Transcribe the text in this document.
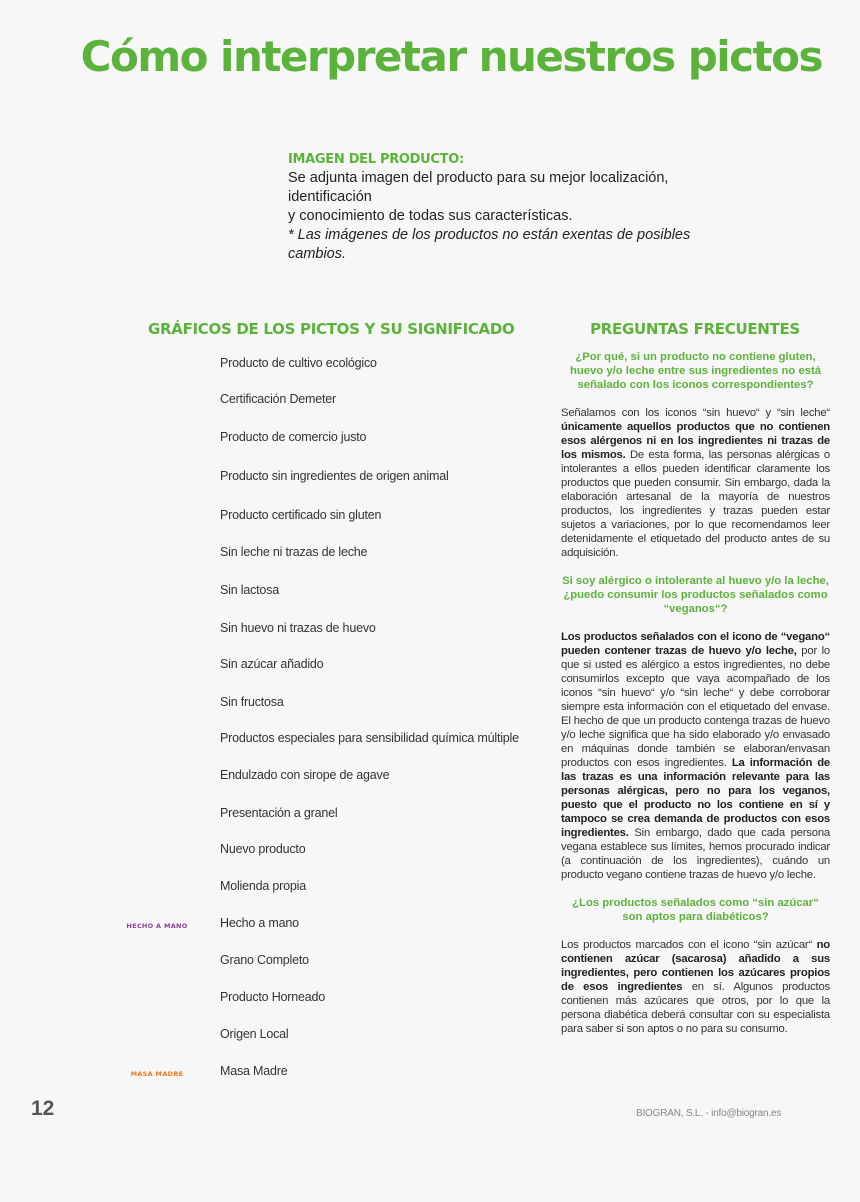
Cómo interpretar nuestros pictos
IMAGEN DEL PRODUCTO:
Se adjunta imagen del producto para su mejor localización, identificación
y conocimiento de todas sus características.
* Las imágenes de los productos no están exentas de posibles cambios.
GRÁFICOS DE LOS PICTOS Y SU SIGNIFICADO	PREGUNTAS FRECUENTES
Producto de cultivo ecológico
Certificación Demeter
Producto de comercio justo
Producto sin ingredientes de origen animal
Producto certificado sin gluten
Sin leche ni trazas de leche
Sin lactosa
Sin huevo ni trazas de huevo
Sin azúcar añadido
Sin fructosa
Productos especiales para sensibilidad química múltiple
Endulzado con sirope de agave
Presentación a granel
Nuevo producto
Molienda propia
HECHO A MANO	Hecho a mano
Grano Completo
Producto Horneado
Origen Local
MASA MADRE	Masa Madre

¿Por qué, si un producto no contiene gluten, huevo y/o leche entre sus ingredientes no está señalado con los iconos correspondientes?

Señalamos con los iconos “sin huevo“ y “sin leche“ únicamente aquellos productos que no contienen esos alérgenos ni en los ingredientes ni trazas de los mismos. De esta forma, las personas alérgicas o intolerantes a ellos pueden identificar claramente los productos que pueden consumir. Sin embargo, dada la elaboración artesanal de la mayoría de nuestros productos, los ingredientes y trazas pueden estar sujetos a variaciones, por lo que recomendamos leer detenidamente el etiquetado del producto antes de su adquisición.

Si soy alérgico o intolerante al huevo y/o la leche, ¿puedo consumir los productos señalados como “veganos“?

Los productos señalados con el icono de “vegano“ pueden contener trazas de huevo y/o leche, por lo que si usted es alérgico a estos ingredientes, no debe consumirlos excepto que vaya acompañado de los iconos “sin huevo“ y/o “sin leche“ y debe corroborar siempre esta información con el etiquetado del envase. El hecho de que un producto contenga trazas de huevo y/o leche significa que ha sido elaborado y/o envasado en máquinas donde también se elaboran/envasan productos con esos ingredientes. La información de las trazas es una información relevante para las personas alérgicas, pero no para los veganos, puesto que el producto no los contiene en sí y tampoco se crea demanda de productos con esos ingredientes. Sin embargo, dado que cada persona vegana establece sus límites, hemos procurado indicar (a continuación de los ingredientes), cuándo un producto vegano contiene trazas de huevo y/o leche.

¿Los productos señalados como “sin azúcar“ son aptos para diabéticos?

Los productos marcados con el icono “sin azúcar“ no contienen azúcar (sacarosa) añadido a sus ingredientes, pero contienen los azúcares propios de esos ingredientes en sí. Algunos productos contienen más azúcares que otros, por lo que la persona diabética deberá consultar con su especialista para saber si son aptos o no para su consumo.

12	BIOGRAN, S.L. - info@biogran.es
